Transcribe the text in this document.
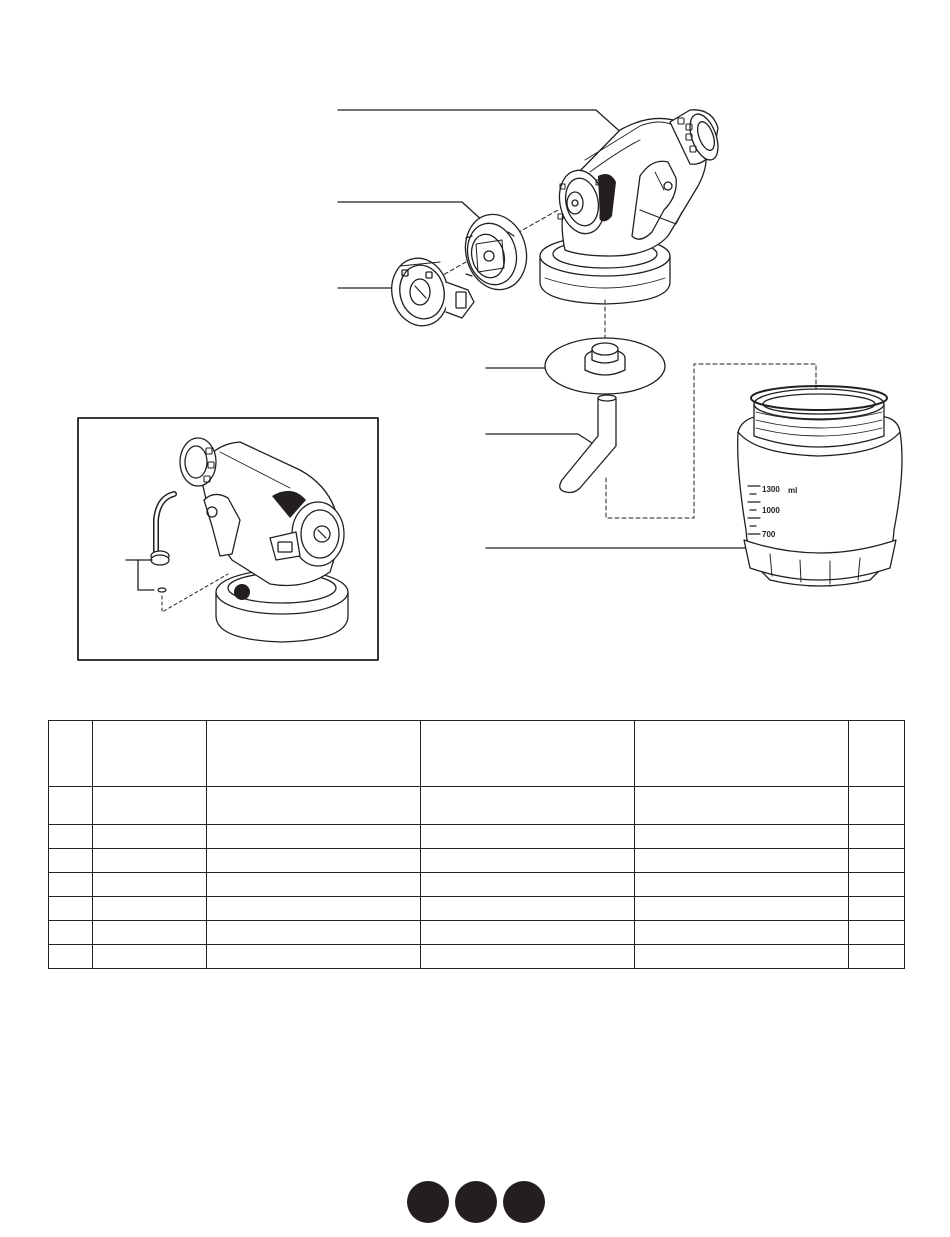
1300 ml
1000
700
